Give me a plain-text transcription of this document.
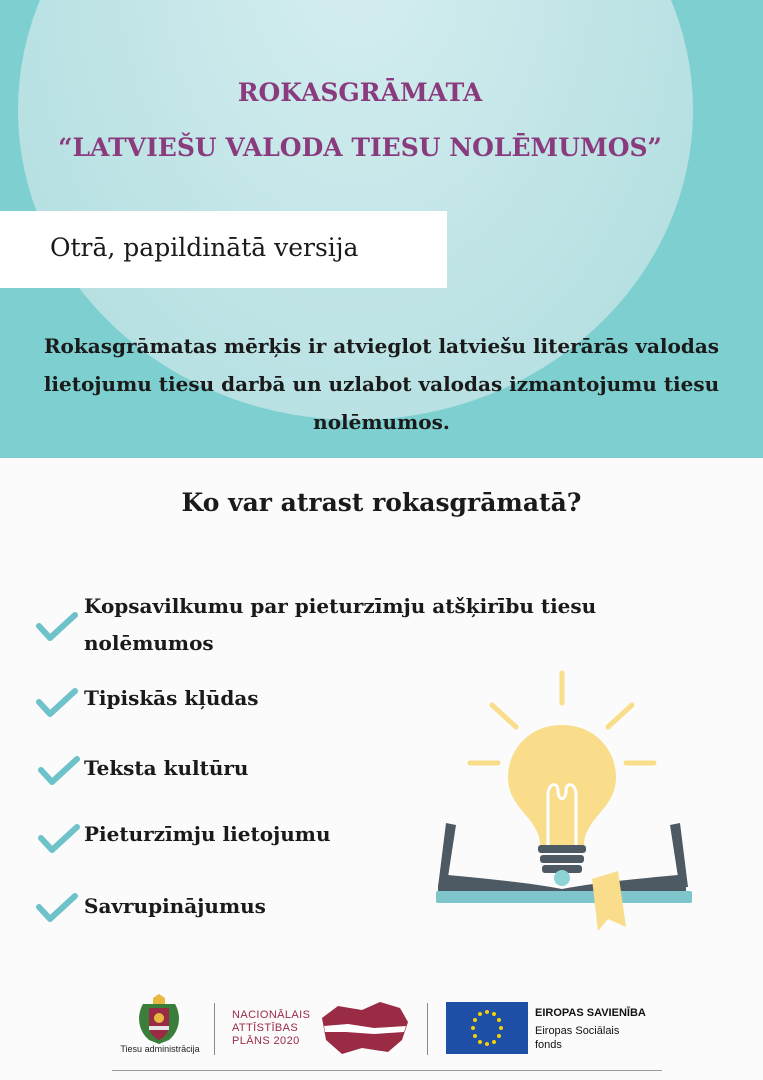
ROKASGRĀMATA
“LATVIEŠU VALODA TIESU NOLĒMUMOS”
Otrā, papildinātā versija
Rokasgrāmatas mērķis ir atvieglot latviešu literārās valodas
lietojumu tiesu darbā un uzlabot valodas izmantojumu tiesu
nolēmumos.
Ko var atrast rokasgrāmatā?
Kopsavilkumu par pieturzīmju atšķirību tiesu
nolēmumos
Tipiskās kļūdas
Teksta kultūru
Pieturzīmju lietojumu
Savrupinājumus
Tiesu administrācija
NACIONĀLAIS
ATTĪSTĪBAS
PLĀNS 2020
EIROPAS SAVIENĪBA
Eiropas Sociālais
fonds
